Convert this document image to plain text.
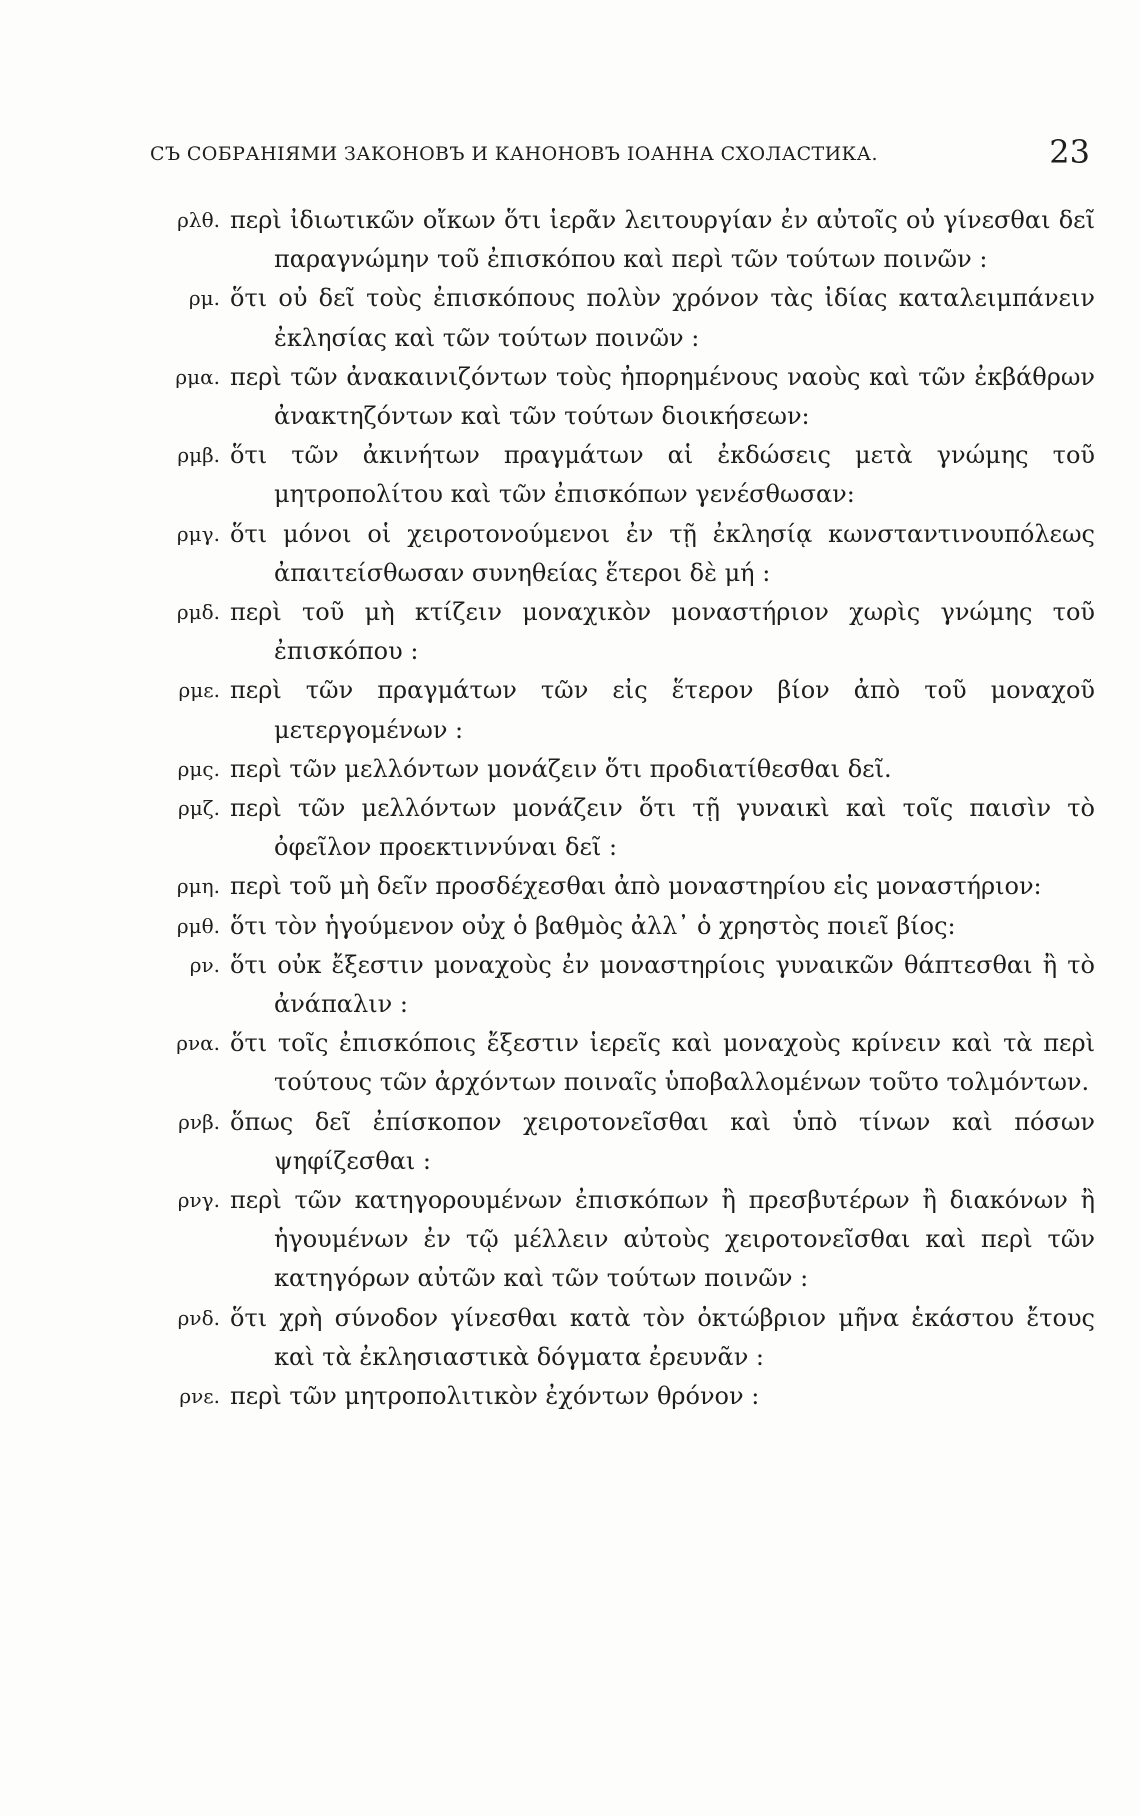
СЪ СОБРАНІЯМИ ЗАКОНОВЪ И КАНОНОВЪ ІОАННА СХОЛАСТИКА.	23
ρλθ. περὶ ἰδιωτικῶν οἴκων ὅτι ἱερᾶν λειτουργίαν ἐν αὐτοῖς οὐ γίνεσθαι δεῖ παραγνώμην τοῦ ἐπισκόπου καὶ περὶ τῶν τούτων ποινῶν :
ρμ. ὅτι οὐ δεῖ τοὺς ἐπισκόπους πολὺν χρόνον τὰς ἰδίας καταλειμπάνειν ἐκλησίας καὶ τῶν τούτων ποινῶν :
ρμα. περὶ τῶν ἀνακαινιζόντων τοὺς ἠπορημένους ναοὺς καὶ τῶν ἐκβάθρων ἀνακτηζόντων καὶ τῶν τούτων διοικήσεων:
ρμβ. ὅτι τῶν ἀκινήτων πραγμάτων αἱ ἐκδώσεις μετὰ γνώμης τοῦ μητροπολίτου καὶ τῶν ἐπισκόπων γενέσθωσαν:
ρμγ. ὅτι μόνοι οἱ χειροτονούμενοι ἐν τῇ ἐκλησίᾳ κωνσταντινουπόλεως ἀπαιτείσθωσαν συνηθείας ἕτεροι δὲ μή :
ρμδ. περὶ τοῦ μὴ κτίζειν μοναχικὸν μοναστήριον χωρὶς γνώμης τοῦ ἐπισκόπου :
ρμε. περὶ τῶν πραγμάτων τῶν εἰς ἕτερον βίον ἀπὸ τοῦ μοναχοῦ μετεργομένων :
ρμς. περὶ τῶν μελλόντων μονάζειν ὅτι προδιατίθεσθαι δεῖ.
ρμζ. περὶ τῶν μελλόντων μονάζειν ὅτι τῇ γυναικὶ καὶ τοῖς παισὶν τὸ ὀφεῖλον προεκτιννύναι δεῖ :
ρμη. περὶ τοῦ μὴ δεῖν προσδέχεσθαι ἀπὸ μοναστηρίου εἰς μοναστήριον:
ρμθ. ὅτι τὸν ἡγούμενον οὐχ ὁ βαθμὸς ἀλλ᾽ ὁ χρηστὸς ποιεῖ βίος:
ρν. ὅτι οὐκ ἔξεστιν μοναχοὺς ἐν μοναστηρίοις γυναικῶν θάπτεσθαι ἢ τὸ ἀνάπαλιν :
ρνα. ὅτι τοῖς ἐπισκόποις ἔξεστιν ἱερεῖς καὶ μοναχοὺς κρίνειν καὶ τὰ περὶ τούτους τῶν ἀρχόντων ποιναῖς ὑποβαλλομένων τοῦτο τολμόντων.
ρνβ. ὅπως δεῖ ἐπίσκοπον χειροτονεῖσθαι καὶ ὑπὸ τίνων καὶ πόσων ψηφίζεσθαι :
ρνγ. περὶ τῶν κατηγορουμένων ἐπισκόπων ἢ πρεσβυτέρων ἢ διακόνων ἢ ἡγουμένων ἐν τῷ μέλλειν αὐτοὺς χειροτονεῖσθαι καὶ περὶ τῶν κατηγόρων αὐτῶν καὶ τῶν τούτων ποινῶν :
ρνδ. ὅτι χρὴ σύνοδον γίνεσθαι κατὰ τὸν ὀκτώβριον μῆνα ἑκάστου ἔτους καὶ τὰ ἐκλησιαστικὰ δόγματα ἐρευνᾶν :
ρνε. περὶ τῶν μητροπολιτικὸν ἐχόντων θρόνον :
